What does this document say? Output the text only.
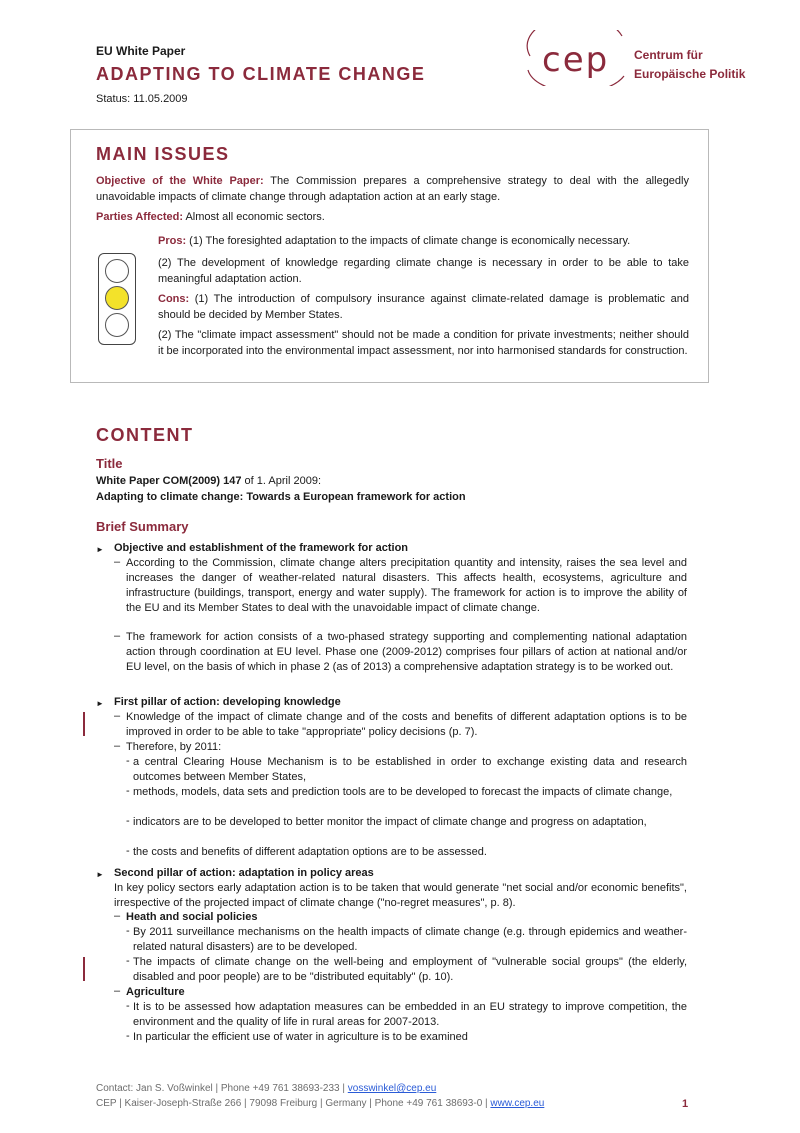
EU White Paper
ADAPTING TO CLIMATE CHANGE
Status: 11.05.2009
cep Centrum für
Europäische Politik
MAIN ISSUES
Objective of the White Paper: The Commission prepares a comprehensive strategy to deal with the allegedly unavoidable impacts of climate change through adaptation action at an early stage.
Parties Affected: Almost all economic sectors.
Pros: (1) The foresighted adaptation to the impacts of climate change is economically necessary.
(2) The development of knowledge regarding climate change is necessary in order to be able to take meaningful adaptation action.
Cons: (1) The introduction of compulsory insurance against climate-related damage is problematic and should be decided by Member States.
(2) The "climate impact assessment" should not be made a condition for private investments; neither should it be incorporated into the environmental impact assessment, nor into harmonised standards for construction.
CONTENT
Title
White Paper COM(2009) 147 of 1. April 2009:
Adapting to climate change: Towards a European framework for action
Brief Summary
► Objective and establishment of the framework for action
– According to the Commission, climate change alters precipitation quantity and intensity, raises the sea level and increases the danger of weather-related natural disasters. This affects health, ecosystems, agriculture and infrastructure (buildings, transport, energy and water supply). The framework for action is to improve the ability of the EU and its Member States to deal with the unavoidable impact of climate change.
– The framework for action consists of a two-phased strategy supporting and complementing national adaptation action through coordination at EU level. Phase one (2009-2012) comprises four pillars of action at national and/or EU level, on the basis of which in phase 2 (as of 2013) a comprehensive adaptation strategy is to be worked out.
► First pillar of action: developing knowledge
– Knowledge of the impact of climate change and of the costs and benefits of different adaptation options is to be improved in order to be able to take "appropriate" policy decisions (p. 7).
– Therefore, by 2011:
- a central Clearing House Mechanism is to be established in order to exchange existing data and research outcomes between Member States,
- methods, models, data sets and prediction tools are to be developed to forecast the impacts of climate change,
- indicators are to be developed to better monitor the impact of climate change and progress on adaptation,
- the costs and benefits of different adaptation options are to be assessed.
► Second pillar of action: adaptation in policy areas
In key policy sectors early adaptation action is to be taken that would generate "net social and/or economic benefits", irrespective of the projected impact of climate change ("no-regret measures", p. 8).
– Heath and social policies
- By 2011 surveillance mechanisms on the health impacts of climate change (e.g. through epidemics and weather-related natural disasters) are to be developed.
- The impacts of climate change on the well-being and employment of "vulnerable social groups" (the elderly, disabled and poor people) are to be "distributed equitably" (p. 10).
– Agriculture
- It is to be assessed how adaptation measures can be embedded in an EU strategy to improve competition, the environment and the quality of life in rural areas for 2007-2013.
- In particular the efficient use of water in agriculture is to be examined
Contact: Jan S. Voßwinkel | Phone +49 761 38693-233 | vosswinkel@cep.eu
CEP | Kaiser-Joseph-Straße 266 | 79098 Freiburg | Germany | Phone +49 761 38693-0 | www.cep.eu	1
